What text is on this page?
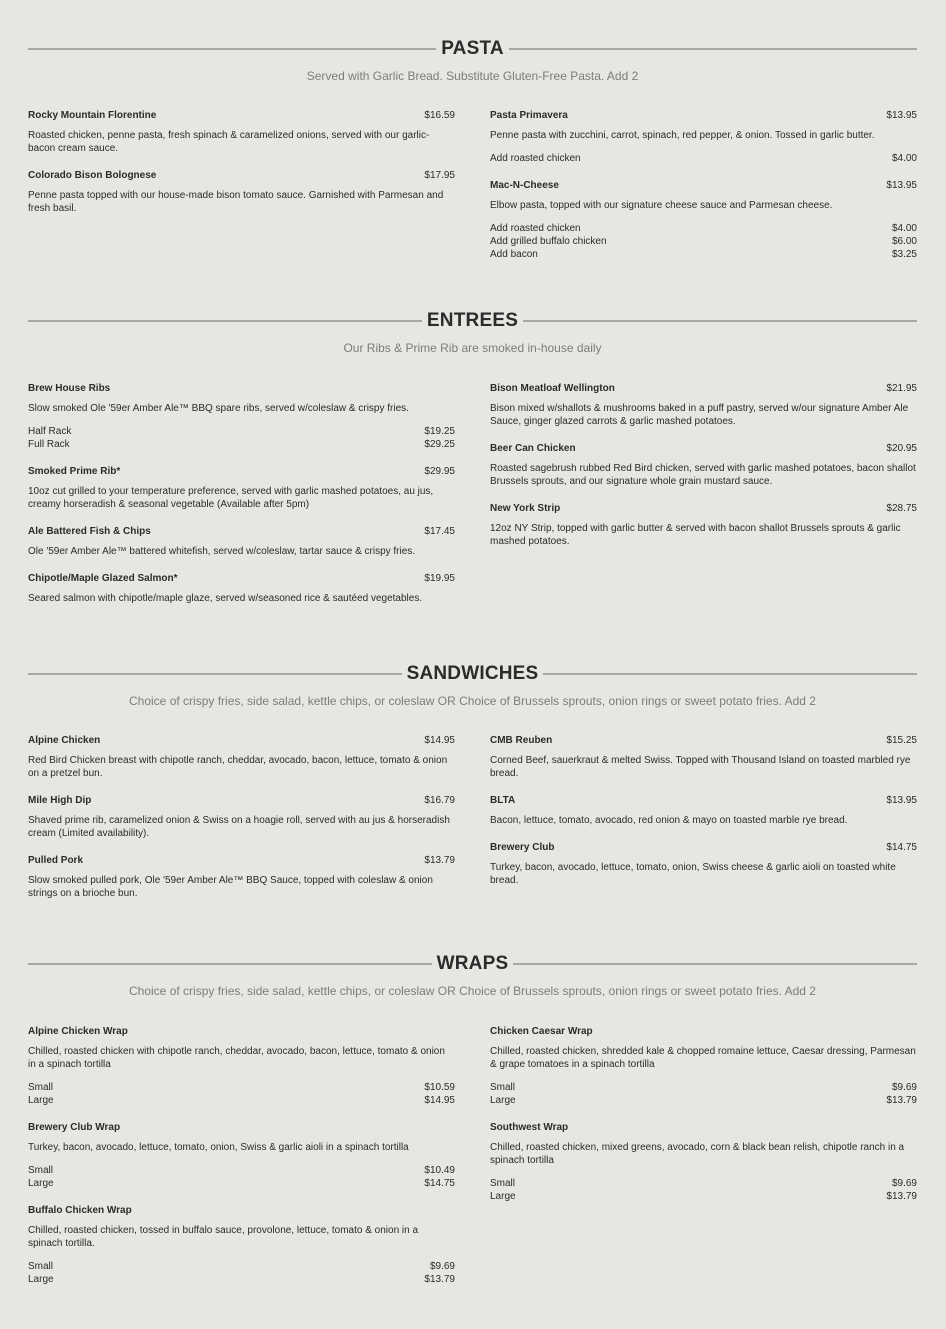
PASTA
Served with Garlic Bread. Substitute Gluten-Free Pasta. Add 2
Rocky Mountain Florentine	$16.59
Roasted chicken, penne pasta, fresh spinach & caramelized onions, served with our garlic-bacon cream sauce.
Colorado Bison Bolognese	$17.95
Penne pasta topped with our house-made bison tomato sauce. Garnished with Parmesan and fresh basil.
Pasta Primavera	$13.95
Penne pasta with zucchini, carrot, spinach, red pepper, & onion. Tossed in garlic butter.
Add roasted chicken	$4.00
Mac-N-Cheese	$13.95
Elbow pasta, topped with our signature cheese sauce and Parmesan cheese.
Add roasted chicken	$4.00
Add grilled buffalo chicken	$6.00
Add bacon	$3.25
ENTREES
Our Ribs & Prime Rib are smoked in-house daily
Brew House Ribs
Slow smoked Ole '59er Amber Ale™ BBQ spare ribs, served w/coleslaw & crispy fries.
Half Rack	$19.25
Full Rack	$29.25
Smoked Prime Rib*	$29.95
10oz cut grilled to your temperature preference, served with garlic mashed potatoes, au jus, creamy horseradish & seasonal vegetable (Available after 5pm)
Ale Battered Fish & Chips	$17.45
Ole '59er Amber Ale™ battered whitefish, served w/coleslaw, tartar sauce & crispy fries.
Chipotle/Maple Glazed Salmon*	$19.95
Seared salmon with chipotle/maple glaze, served w/seasoned rice & sautéed vegetables.
Bison Meatloaf Wellington	$21.95
Bison mixed w/shallots & mushrooms baked in a puff pastry, served w/our signature Amber Ale Sauce, ginger glazed carrots & garlic mashed potatoes.
Beer Can Chicken	$20.95
Roasted sagebrush rubbed Red Bird chicken, served with garlic mashed potatoes, bacon shallot Brussels sprouts, and our signature whole grain mustard sauce.
New York Strip	$28.75
12oz NY Strip, topped with garlic butter & served with bacon shallot Brussels sprouts & garlic mashed potatoes.
SANDWICHES
Choice of crispy fries, side salad, kettle chips, or coleslaw OR Choice of Brussels sprouts, onion rings or sweet potato fries. Add 2
Alpine Chicken	$14.95
Red Bird Chicken breast with chipotle ranch, cheddar, avocado, bacon, lettuce, tomato & onion on a pretzel bun.
Mile High Dip	$16.79
Shaved prime rib, caramelized onion & Swiss on a hoagie roll, served with au jus & horseradish cream (Limited availability).
Pulled Pork	$13.79
Slow smoked pulled pork, Ole '59er Amber Ale™ BBQ Sauce, topped with coleslaw & onion strings on a brioche bun.
CMB Reuben	$15.25
Corned Beef, sauerkraut & melted Swiss. Topped with Thousand Island on toasted marbled rye bread.
BLTA	$13.95
Bacon, lettuce, tomato, avocado, red onion & mayo on toasted marble rye bread.
Brewery Club	$14.75
Turkey, bacon, avocado, lettuce, tomato, onion, Swiss cheese & garlic aioli on toasted white bread.
WRAPS
Choice of crispy fries, side salad, kettle chips, or coleslaw OR Choice of Brussels sprouts, onion rings or sweet potato fries. Add 2
Alpine Chicken Wrap
Chilled, roasted chicken with chipotle ranch, cheddar, avocado, bacon, lettuce, tomato & onion in a spinach tortilla
Small	$10.59
Large	$14.95
Brewery Club Wrap
Turkey, bacon, avocado, lettuce, tomato, onion, Swiss & garlic aioli in a spinach tortilla
Small	$10.49
Large	$14.75
Buffalo Chicken Wrap
Chilled, roasted chicken, tossed in buffalo sauce, provolone, lettuce, tomato & onion in a spinach tortilla.
Small	$9.69
Large	$13.79
Chicken Caesar Wrap
Chilled, roasted chicken, shredded kale & chopped romaine lettuce, Caesar dressing, Parmesan & grape tomatoes in a spinach tortilla
Small	$9.69
Large	$13.79
Southwest Wrap
Chilled, roasted chicken, mixed greens, avocado, corn & black bean relish, chipotle ranch in a spinach tortilla
Small	$9.69
Large	$13.79
